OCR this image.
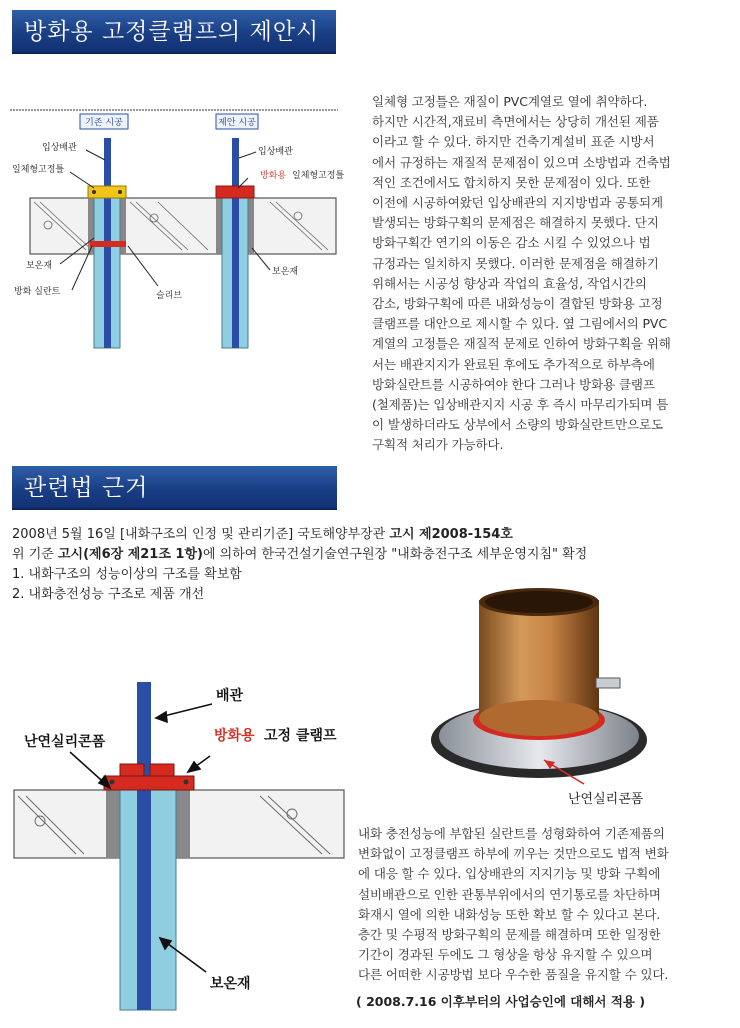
방화용 고정클램프의 제안시공
기존 시공	제안 시공
입상배관
일체형고정틀
보온재
방화 실란트	슬리브
입상배관
방화용 일체형고정틀
보온재

일체형 고정틀은 재질이 PVC계열로 열에 취약하다.

하지만 시간적,재료비 측면에서는 상당히 개선된 제품

이라고 할 수 있다. 하지만 건축기계설비 표준 시방서

에서 규정하는 재질적 문제점이 있으며 소방법과 건축법

적인 조건에서도 합치하지 못한 문제점이 있다. 또한

이전에 시공하여왔던 입상배관의 지지방법과 공통되게

발생되는 방화구획의 문제점은 해결하지 못했다. 단지

방화구획간 연기의 이동은 감소 시킬 수 있었으나 법

규정과는 일치하지 못했다. 이러한 문제점을 해결하기

위해서는 시공성 향상과 작업의 효율성, 작업시간의

감소, 방화구획에 따른 내화성능이 결합된 방화용 고정

클램프를 대안으로 제시할 수 있다. 옆 그림에서의 PVC

계열의 고정틀은 재질적 문제로 인하여 방화구획을 위해

서는 배관지지가 완료된 후에도 추가적으로 하부측에

방화실란트를 시공하여야 한다 그러나 방화용 클램프

(철제품)는 입상배관지지 시공 후 즉시 마무리가되며 틈

이 발생하더라도 상부에서 소량의 방화실란트만으로도

구획적 처리가 가능하다.

관련법 근거

2008년 5월 16일 [내화구조의 인정 및 관리기준] 국토해양부장관 고시 제2008-154호

위 기준 고시(제6장 제21조 1항)에 의하여 한국건설기술연구원장 "내화충전구조 세부운영지침" 확정

1. 내화구조의 성능이상의 구조를 확보함

2. 내화충전성능 구조로 제품 개선

배관
난연실리콘폼	방화용 고정 클램프
보온재
난연실리콘폼

내화 충전성능에 부합된 실란트를 성형화하여 기존제품의

변화없이 고정클램프 하부에 끼우는 것만으로도 법적 변화

에 대응 할 수 있다. 입상배관의 지지기능 및 방화 구획에

설비배관으로 인한 관통부위에서의 연기통로를 차단하며

화재시 열에 의한 내화성능 또한 확보 할 수 있다고 본다.

층간 및 수평적 방화구획의 문제를 해결하며 또한 일정한

기간이 경과된 두에도 그 형상을 항상 유지할 수 있으며

다른 어떠한 시공방법 보다 우수한 품질을 유지할 수 있다.

( 2008.7.16 이후부터의 사업승인에 대해서 적용 )
